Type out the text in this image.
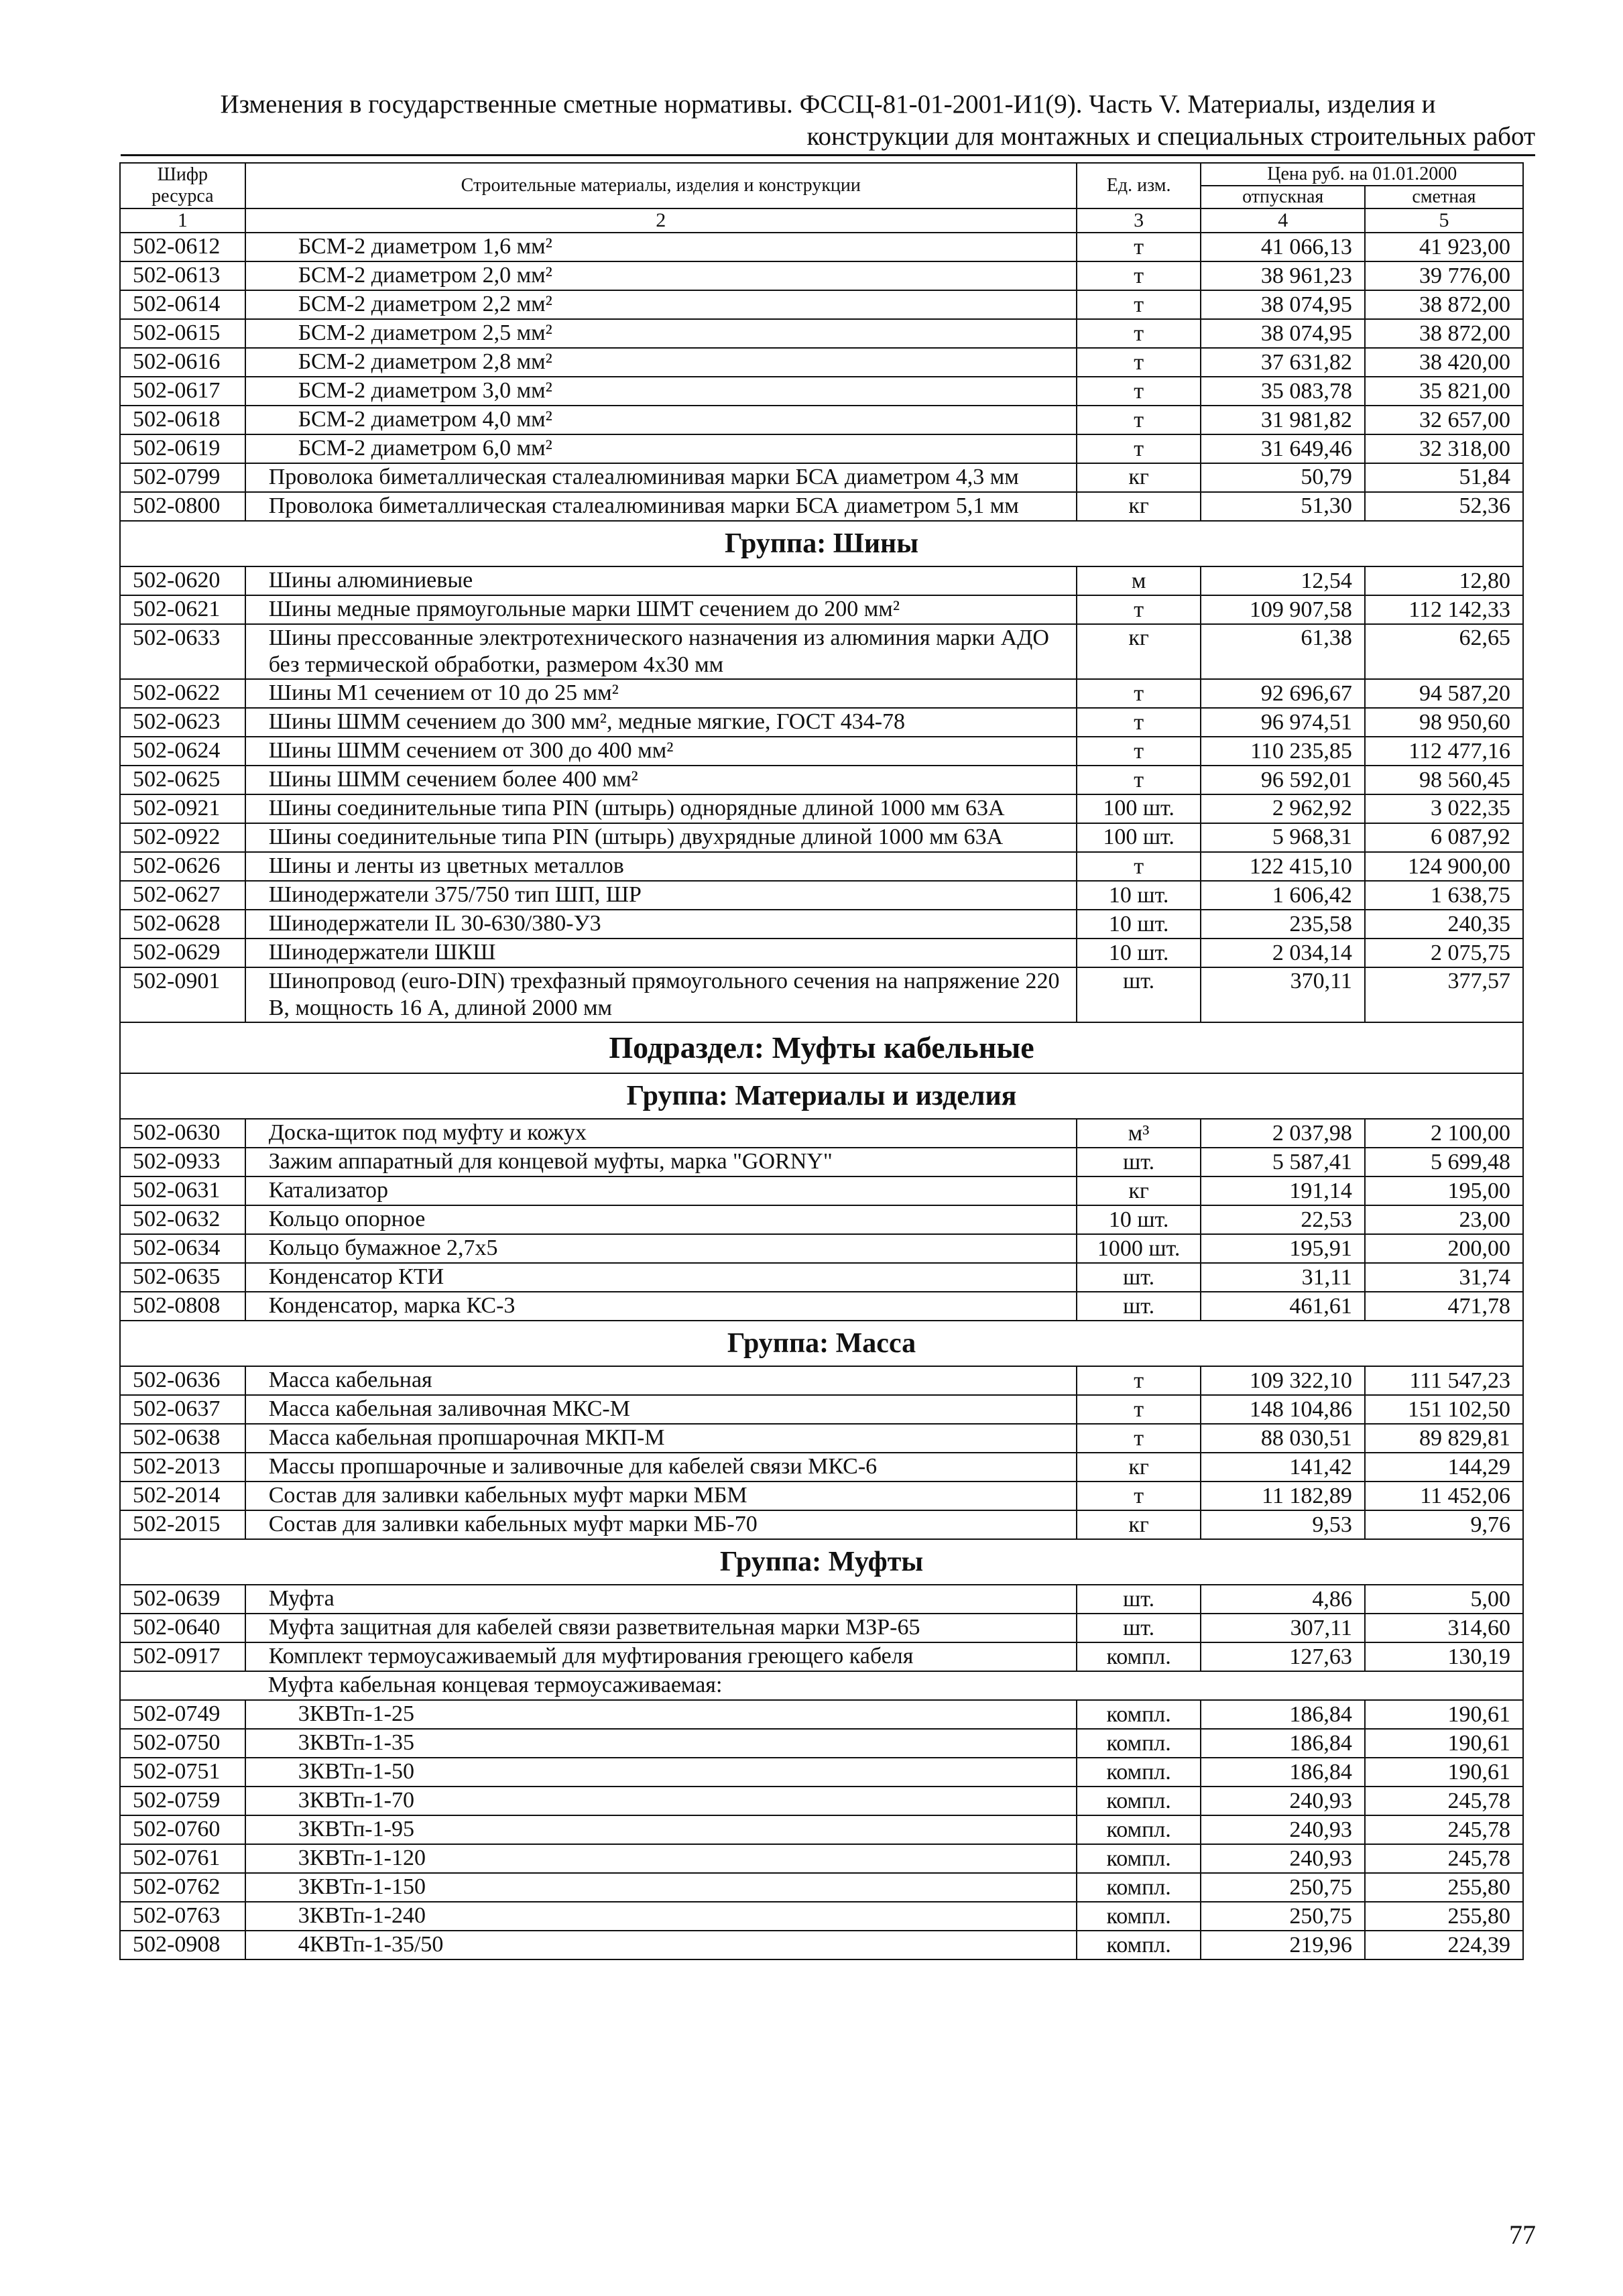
Изменения в государственные сметные нормативы. ФССЦ-81-01-2001-И1(9). Часть V. Материалы, изделия и
конструкции для монтажных и специальных строительных работ
Шифр ресурса	Строительные материалы, изделия и конструкции	Ед. изм.	Цена руб. на 01.01.2000	
			отпускная	сметная
1	2	3	4	5
502-0612	БСМ-2 диаметром 1,6 мм²	т	41 066,13	41 923,00
502-0613	БСМ-2 диаметром 2,0 мм²	т	38 961,23	39 776,00
502-0614	БСМ-2 диаметром 2,2 мм²	т	38 074,95	38 872,00
502-0615	БСМ-2 диаметром 2,5 мм²	т	38 074,95	38 872,00
502-0616	БСМ-2 диаметром 2,8 мм²	т	37 631,82	38 420,00
502-0617	БСМ-2 диаметром 3,0 мм²	т	35 083,78	35 821,00
502-0618	БСМ-2 диаметром 4,0 мм²	т	31 981,82	32 657,00
502-0619	БСМ-2 диаметром 6,0 мм²	т	31 649,46	32 318,00
502-0799	Проволока биметаллическая сталеалюминивая марки БСА диаметром 4,3 мм	кг	50,79	51,84
502-0800	Проволока биметаллическая сталеалюминивая марки БСА диаметром 5,1 мм	кг	51,30	52,36
Группа: Шины				
502-0620	Шины алюминиевые	м	12,54	12,80
502-0621	Шины медные прямоугольные марки ШМТ сечением до 200 мм²	т	109 907,58	112 142,33
502-0633	Шины прессованные электротехнического назначения из алюминия марки АДО без термической обработки, размером 4х30 мм	кг	61,38	62,65
502-0622	Шины М1 сечением от 10 до 25 мм²	т	92 696,67	94 587,20
502-0623	Шины ШММ сечением до 300 мм², медные мягкие, ГОСТ 434-78	т	96 974,51	98 950,60
502-0624	Шины ШММ сечением от 300 до 400 мм²	т	110 235,85	112 477,16
502-0625	Шины ШММ сечением более 400 мм²	т	96 592,01	98 560,45
502-0921	Шины соединительные типа PIN (штырь) однорядные длиной 1000 мм 63А	100 шт.	2 962,92	3 022,35
502-0922	Шины соединительные типа PIN (штырь) двухрядные длиной 1000 мм 63А	100 шт.	5 968,31	6 087,92
502-0626	Шины и ленты из цветных металлов	т	122 415,10	124 900,00
502-0627	Шинодержатели 375/750 тип ШП, ШР	10 шт.	1 606,42	1 638,75
502-0628	Шинодержатели IL 30-630/380-У3	10 шт.	235,58	240,35
502-0629	Шинодержатели ШКШ	10 шт.	2 034,14	2 075,75
502-0901	Шинопровод (euro-DIN) трехфазный прямоугольного сечения на напряжение 220 В, мощность 16 А, длиной 2000 мм	шт.	370,11	377,57
Подраздел: Муфты кабельные				
Группа: Материалы и изделия				
502-0630	Доска-щиток под муфту и кожух	м³	2 037,98	2 100,00
502-0933	Зажим аппаратный для концевой муфты, марка "GORNY"	шт.	5 587,41	5 699,48
502-0631	Катализатор	кг	191,14	195,00
502-0632	Кольцо опорное	10 шт.	22,53	23,00
502-0634	Кольцо бумажное 2,7х5	1000 шт.	195,91	200,00
502-0635	Конденсатор КТИ	шт.	31,11	31,74
502-0808	Конденсатор, марка КС-3	шт.	461,61	471,78
Группа: Масса				
502-0636	Масса кабельная	т	109 322,10	111 547,23
502-0637	Масса кабельная заливочная МКС-М	т	148 104,86	151 102,50
502-0638	Масса кабельная пропшарочная МКП-М	т	88 030,51	89 829,81
502-2013	Массы пропшарочные и заливочные для кабелей связи МКС-6	кг	141,42	144,29
502-2014	Состав для заливки кабельных муфт марки МБМ	т	11 182,89	11 452,06
502-2015	Состав для заливки кабельных муфт марки МБ-70	кг	9,53	9,76
Группа: Муфты				
502-0639	Муфта	шт.	4,86	5,00
502-0640	Муфта защитная для кабелей связи разветвительная марки МЗР-65	шт.	307,11	314,60
502-0917	Комплект термоусаживаемый для муфтирования греющего кабеля	компл.	127,63	130,19
	Муфта кабельная концевая термоусаживаемая:			
502-0749	3КВТп-1-25	компл.	186,84	190,61
502-0750	3КВТп-1-35	компл.	186,84	190,61
502-0751	3КВТп-1-50	компл.	186,84	190,61
502-0759	3КВТп-1-70	компл.	240,93	245,78
502-0760	3КВТп-1-95	компл.	240,93	245,78
502-0761	3КВТп-1-120	компл.	240,93	245,78
502-0762	3КВТп-1-150	компл.	250,75	255,80
502-0763	3КВТп-1-240	компл.	250,75	255,80
502-0908	4КВТп-1-35/50	компл.	219,96	224,39
77
